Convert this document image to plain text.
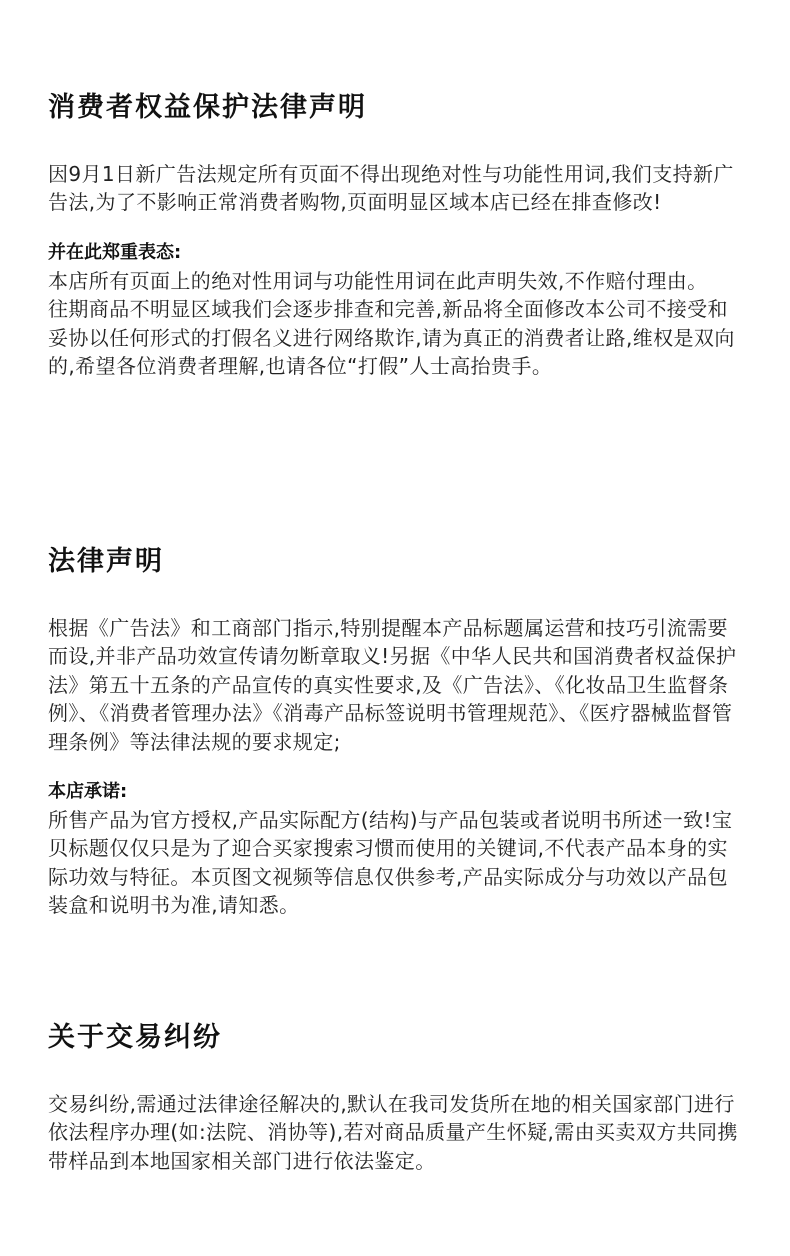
消费者权益保护法律声明

因9月1日新广告法规定所有页面不得出现绝对性与功能性用词,我们支持新广告法,为了不影响正常消费者购物,页面明显区域本店已经在排查修改!

并在此郑重表态:

本店所有页面上的绝对性用词与功能性用词在此声明失效,不作赔付理由。

往期商品不明显区域我们会逐步排查和完善,新品将全面修改本公司不接受和妥协以任何形式的打假名义进行网络欺诈,请为真正的消费者让路,维权是双向的,希望各位消费者理解,也请各位“打假”人士高抬贵手。

法律声明

根据《广告法》和工商部门指示,特别提醒本产品标题属运营和技巧引流需要而设,并非产品功效宣传请勿断章取义!另据《中华人民共和国消费者权益保护法》第五十五条的产品宣传的真实性要求,及《广告法》、《化妆品卫生监督条例》、《消费者管理办法》《消毒产品标签说明书管理规范》、《医疗器械监督管理条例》等法律法规的要求规定;

本店承诺:

所售产品为官方授权,产品实际配方(结构)与产品包装或者说明书所述一致!宝贝标题仅仅只是为了迎合买家搜索习惯而使用的关键词,不代表产品本身的实际功效与特征。本页图文视频等信息仅供参考,产品实际成分与功效以产品包装盒和说明书为准,请知悉。

关于交易纠纷

交易纠纷,需通过法律途径解决的,默认在我司发货所在地的相关国家部门进行依法程序办理(如:法院、消协等),若对商品质量产生怀疑,需由买卖双方共同携带样品到本地国家相关部门进行依法鉴定。
